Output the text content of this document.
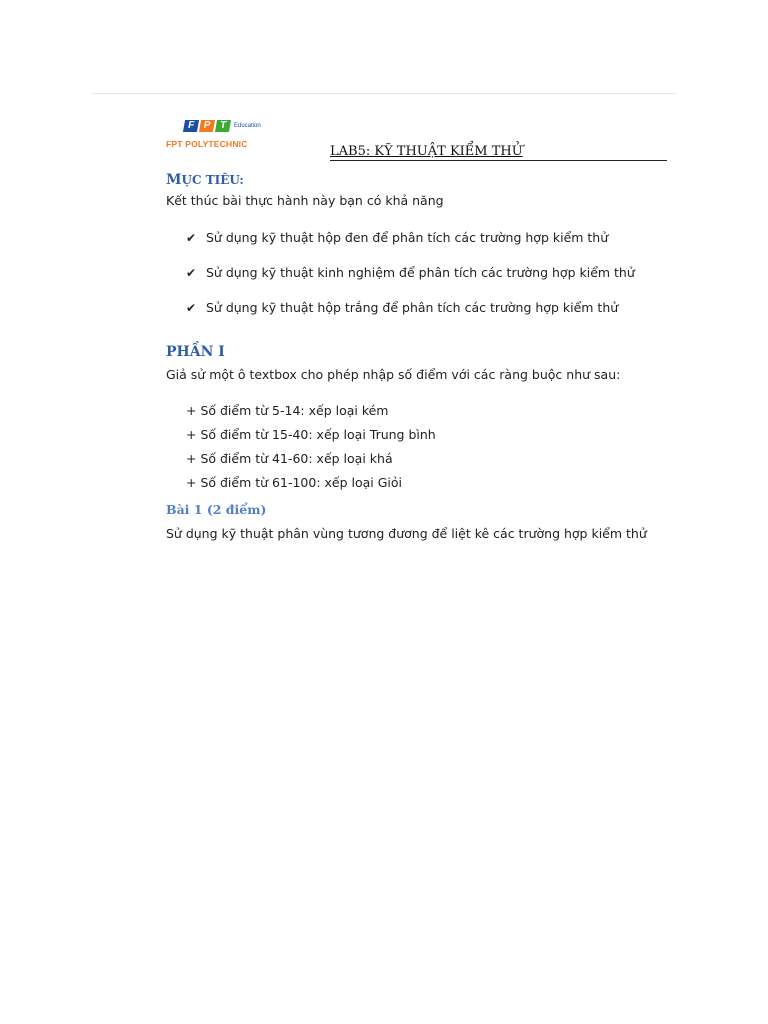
F P T	Education
FPT POLYTECHNIC	LAB5: KỸ THUẬT KIỂM THỬ
MỤC TIÊU:
Kết thúc bài thực hành này bạn có khả năng
✔ Sử dụng kỹ thuật hộp đen để phân tích các trường hợp kiểm thử
✔ Sử dụng kỹ thuật kinh nghiệm để phân tích các trường hợp kiểm thử
✔ Sử dụng kỹ thuật hộp trắng để phân tích các trường hợp kiểm thử
PHẦN I
Giả sử một ô textbox cho phép nhập số điểm với các ràng buộc như sau:
+ Số điểm từ 5-14: xếp loại kém
+ Số điểm từ 15-40: xếp loại Trung bình
+ Số điểm từ 41-60: xếp loại khá
+ Số điểm từ 61-100: xếp loại Giỏi
Bài 1 (2 điểm)
Sử dụng kỹ thuật phân vùng tương đương để liệt kê các trường hợp kiểm thử
